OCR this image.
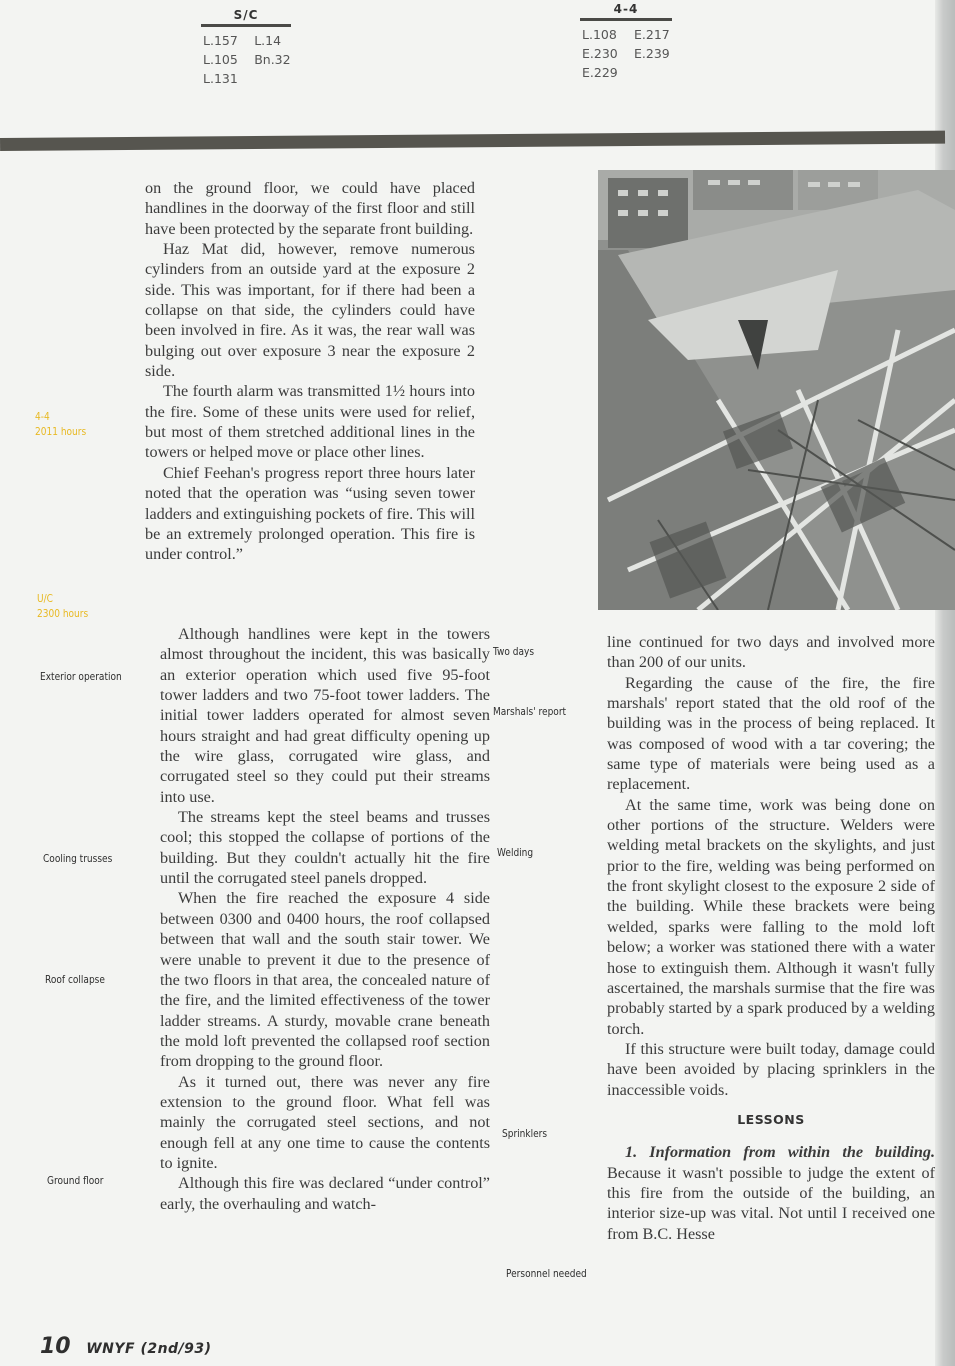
S/C
L.157 L.14
L.105 Bn.32
L.131
4-4
L.108 E.217
E.230 E.239
E.229

on the ground floor, we could have placed handlines in the doorway of the first floor and still have been protected by the separate front building.

Haz Mat did, however, remove numerous cylinders from an outside yard at the exposure 2 side. This was important, for if there had been a collapse on that side, the cylinders could have been involved in fire. As it was, the rear wall was bulging out over exposure 3 near the exposure 2 side.

The fourth alarm was transmitted 1½ hours into the fire. Some of these units were used for relief, but most of them stretched additional lines in the towers or helped move or place other lines.

Chief Feehan's progress report three hours later noted that the operation was “using seven tower ladders and extinguishing pockets of fire. This will be an extremely prolonged operation. This fire is under control.”

Although handlines were kept in the towers almost throughout the incident, this was basically an exterior operation which used five 95-foot tower ladders and two 75-foot tower ladders. The initial tower ladders operated for almost seven hours straight and had great difficulty opening up the wire glass, corrugated wire glass, and corrugated steel so they could put their streams into use.

The streams kept the steel beams and trusses cool; this stopped the collapse of portions of the building. But they couldn't actually hit the fire until the corrugated steel panels dropped.

When the fire reached the exposure 4 side between 0300 and 0400 hours, the roof collapsed between that wall and the south stair tower. We were unable to prevent it due to the presence of the two floors in that area, the concealed nature of the fire, and the limited effectiveness of the tower ladder streams. A sturdy, movable crane beneath the mold loft prevented the collapsed roof section from dropping to the ground floor.

As it turned out, there was never any fire extension to the ground floor. What fell was mainly the corrugated steel sections, and not enough fell at any one time to cause the contents to ignite.

Although this fire was declared “under control” early, the overhauling and watch-

4-4
2011 hours
U/C
2300 hours
Exterior operation
Cooling trusses
Roof collapse
Ground floor
Two days
Marshals' report
Welding
Sprinklers
Personnel needed

line continued for two days and involved more than 200 of our units.

Regarding the cause of the fire, the fire marshals' report stated that the old roof of the building was in the process of being replaced. It was composed of wood with a tar covering; the same type of materials were being used as a replacement.

At the same time, work was being done on other portions of the structure. Welders were welding metal brackets on the skylights, and just prior to the fire, welding was being performed on the front skylight closest to the exposure 2 side of the building. While these brackets were being welded, sparks were falling to the mold loft below; a worker was stationed there with a water hose to extinguish them. Although it wasn't fully ascertained, the marshals surmise that the fire was probably started by a spark produced by a welding torch.

If this structure were built today, damage could have been avoided by placing sprinklers in the inaccessible voids.

LESSONS

1. Information from within the building. Because it wasn't possible to judge the extent of this fire from the outside of the building, an interior size-up was vital. Not until I received one from B.C. Hesse

10 WNYF (2nd/93)
